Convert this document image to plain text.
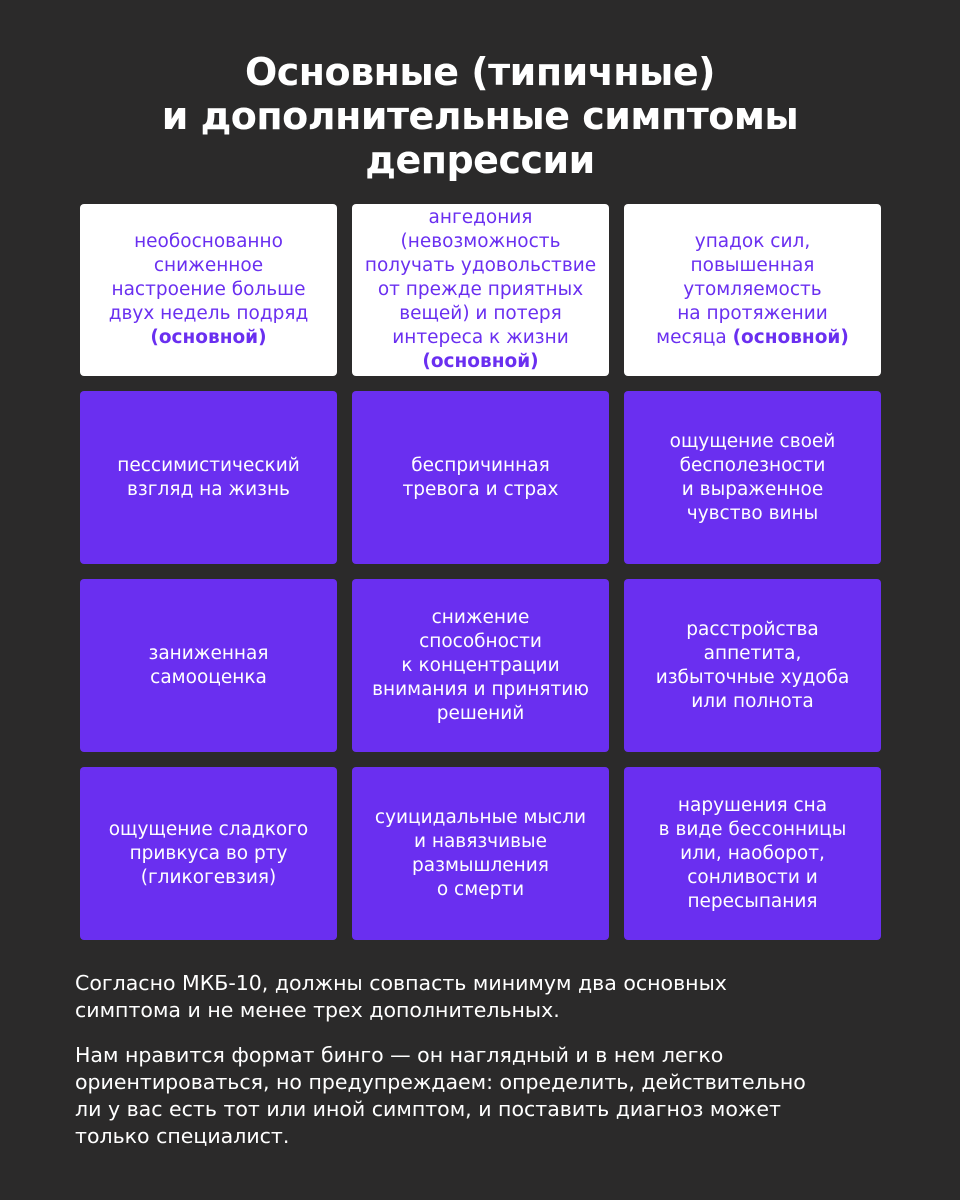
Основные (типичные)
и дополнительные симптомы
депрессии
необоснованно
сниженное
настроение больше
двух недель подряд
(основной)
ангедония
(невозможность
получать удовольствие
от прежде приятных
вещей) и потеря
интереса к жизни
(основной)
упадок сил,
повышенная
утомляемость
на протяжении
месяца (основной)
пессимистический
взгляд на жизнь
беспричинная
тревога и страх
ощущение своей
бесполезности
и выраженное
чувство вины
заниженная
самооценка
снижение
способности
к концентрации
внимания и принятию
решений
расстройства
аппетита,
избыточные худоба
или полнота
ощущение сладкого
привкуса во рту
(гликогевзия)
суицидальные мысли
и навязчивые
размышления
о смерти
нарушения сна
в виде бессонницы
или, наоборот,
сонливости и
пересыпания

Согласно МКБ-10, должны совпасть минимум два основных
симптома и не менее трех дополнительных.

Нам нравится формат бинго — он наглядный и в нем легко
ориентироваться, но предупреждаем: определить, действительно
ли у вас есть тот или иной симптом, и поставить диагноз может
только специалист.
